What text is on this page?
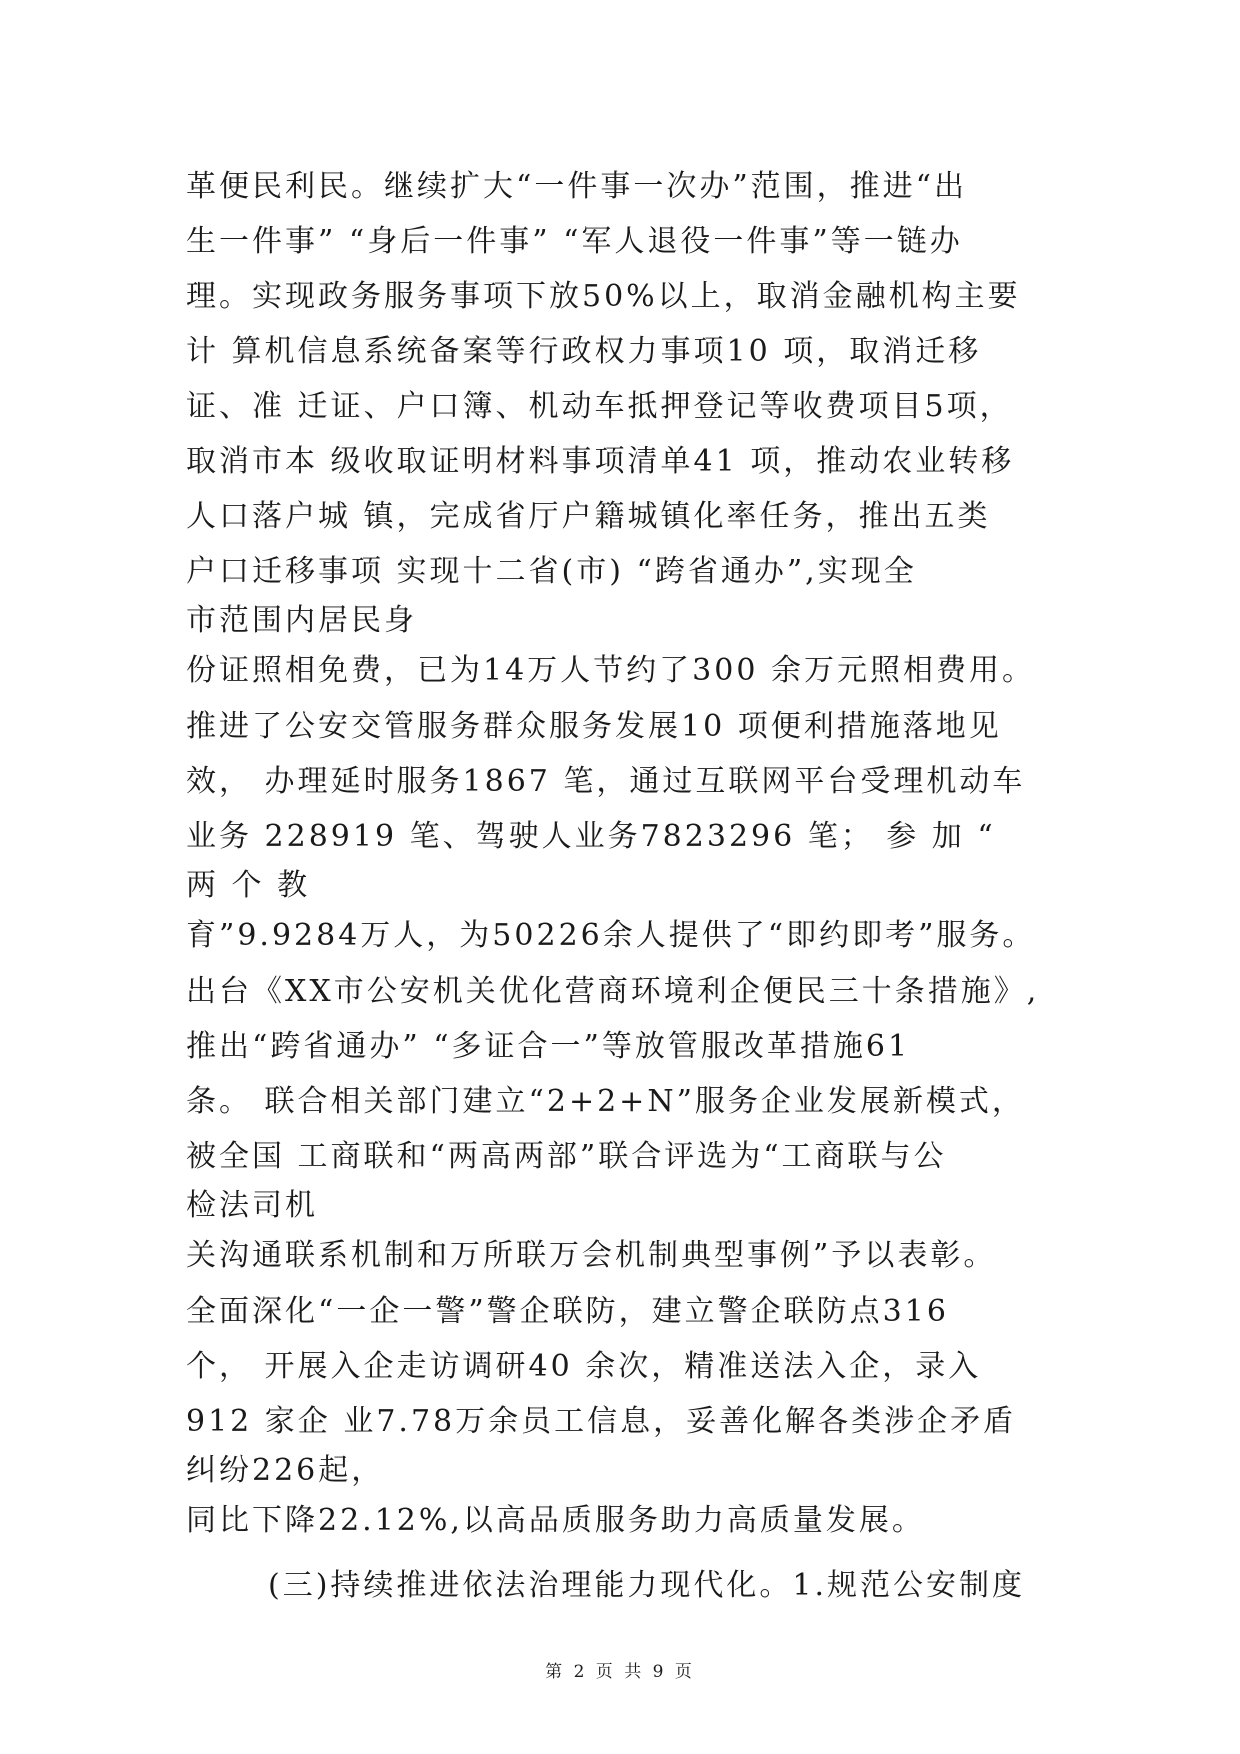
革便民利民。继续扩大“一件事一次办”范围，推进“出
生一件事” “身后一件事” “军人退役一件事”等一链办
理。实现政务服务事项下放50%以上，取消金融机构主要
计 算机信息系统备案等行政权力事项10 项，取消迁移
证、准 迁证、户口簿、机动车抵押登记等收费项目5项，
取消市本 级收取证明材料事项清单41 项，推动农业转移
人口落户城 镇，完成省厅户籍城镇化率任务，推出五类
户口迁移事项 实现十二省(市) “跨省通办”,实现全
市范围内居民身
份证照相免费，已为14万人节约了300 余万元照相费用。
推进了公安交管服务群众服务发展10 项便利措施落地见
效， 办理延时服务1867 笔，通过互联网平台受理机动车
业务 228919 笔、驾驶人业务7823296 笔； 参 加 “
两 个 教
育”9.9284万人，为50226余人提供了“即约即考”服务。
出台《XX市公安机关优化营商环境利企便民三十条措施》,
推出“跨省通办” “多证合一”等放管服改革措施61
条。 联合相关部门建立“2+2+N”服务企业发展新模式，
被全国 工商联和“两高两部”联合评选为“工商联与公
检法司机
关沟通联系机制和万所联万会机制典型事例”予以表彰。
全面深化“一企一警”警企联防，建立警企联防点316
个， 开展入企走访调研40 余次，精准送法入企，录入
912 家企 业7.78万余员工信息，妥善化解各类涉企矛盾
纠纷226起，
同比下降22.12%,以高品质服务助力高质量发展。
(三)持续推进依法治理能力现代化。1.规范公安制度
第 2 页 共 9 页
